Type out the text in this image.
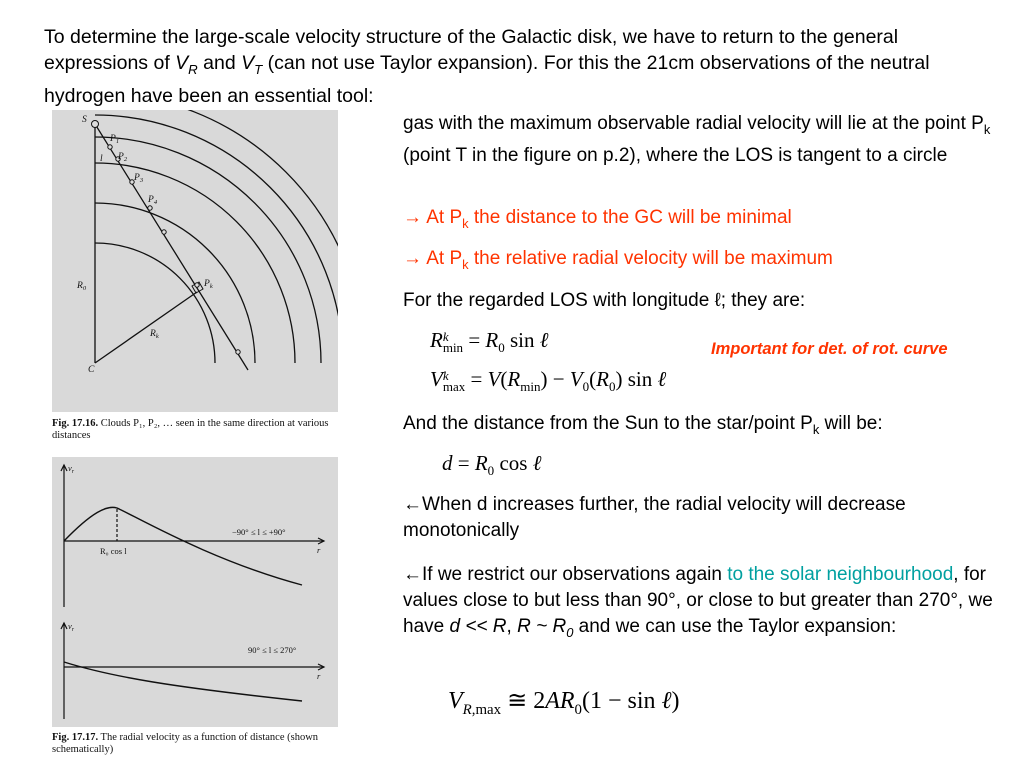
To determine the large-scale velocity structure of the Galactic disk, we have to return to the general expressions of $V_R$ and $V_T$ (can not use Taylor expansion). For this the 21cm observations of the neutral hydrogen have been an essential tool:
S
$P_1$
l $P_2$
$P_3$
$P_4$
$P_k$
$R_0$
$R_k$
C
Fig. 17.16. Clouds P₁, P₂, … seen in the same direction at various distances
$v_r$
r
−90° ≤ l ≤ +90°
R₀ cos l
$v_r$
r
90° ≤ l ≤ 270°
Fig. 17.17. The radial velocity as a function of distance (shown schematically)
gas with the maximum observable radial velocity will lie at the point $P_k$ (point T in the figure on p.2), where the LOS is tangent to a circle
→ At $P_k$ the distance to the GC will be minimal
→ At $P_k$ the relative radial velocity will be maximum
For the regarded LOS with longitude ℓ; they are:
R k
$\min = R_0$ sin ℓ	Important for det. of rot. curve
V k
$\max = V(R_{min}) - V_0(R_0)$ sin ℓ
And the distance from the Sun to the star/point $P_k$ will be:
$d = R_0$ cos ℓ
←When d increases further, the radial velocity will decrease monotonically
←If we restrict our observations again to the solar neighbourhood, for values close to but less than 90°, or close to but greater than 270°, we have d << R, R ~ $R_0$ and we can use the Taylor expansion:
$V_{R,max}$ ≅ $2AR_0(1 - \sin$ ℓ)
